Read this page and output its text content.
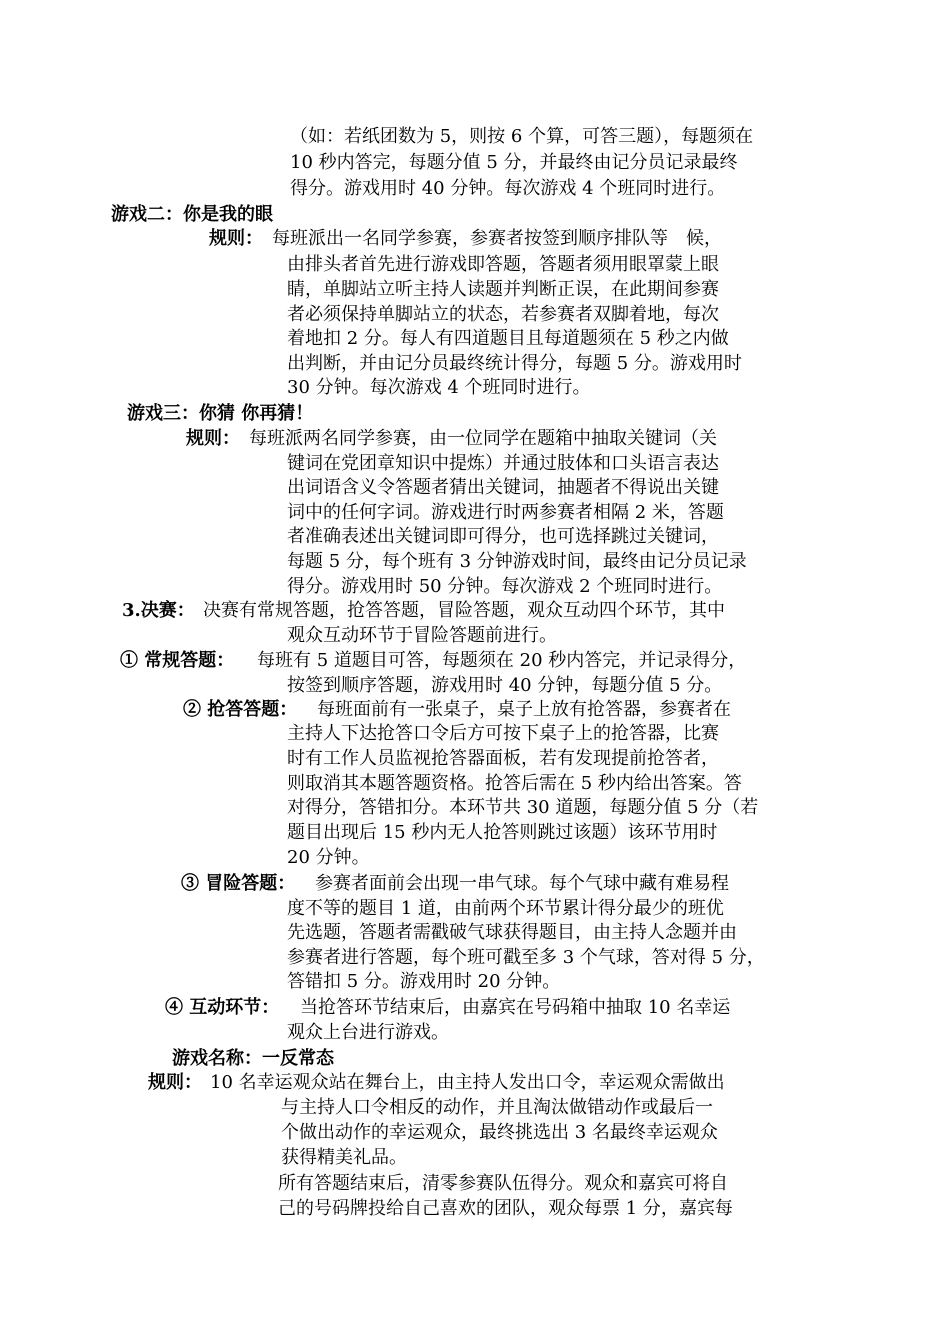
（如：若纸团数为 5，则按 6 个算，可答三题），每题须在
10 秒内答完，每题分值 5 分，并最终由记分员记录最终
得分。游戏用时 40 分钟。每次游戏 4 个班同时进行。
游戏二：你是我的眼
规则： 每班派出一名同学参赛，参赛者按签到顺序排队等　候，
由排头者首先进行游戏即答题，答题者须用眼罩蒙上眼
睛，单脚站立听主持人读题并判断正误，在此期间参赛
者必须保持单脚站立的状态，若参赛者双脚着地，每次
着地扣 2 分。每人有四道题目且每道题须在 5 秒之内做
出判断，并由记分员最终统计得分，每题 5 分。游戏用时
30 分钟。每次游戏 4 个班同时进行。
游戏三：你猜 你再猜！
规则： 每班派两名同学参赛，由一位同学在题箱中抽取关键词（关
键词在党团章知识中提炼）并通过肢体和口头语言表达
出词语含义令答题者猜出关键词，抽题者不得说出关键
词中的任何字词。游戏进行时两参赛者相隔 2 米，答题
者准确表述出关键词即可得分，也可选择跳过关键词，
每题 5 分，每个班有 3 分钟游戏时间，最终由记分员记录
得分。游戏用时 50 分钟。每次游戏 2 个班同时进行。
3.决赛： 决赛有常规答题，抢答答题，冒险答题，观众互动四个环节，其中
观众互动环节于冒险答题前进行。
① 常规答题： 每班有 5 道题目可答，每题须在 20 秒内答完，并记录得分，
按签到顺序答题，游戏用时 40 分钟，每题分值 5 分。
② 抢答答题： 每班面前有一张桌子，桌子上放有抢答器，参赛者在
主持人下达抢答口令后方可按下桌子上的抢答器，比赛
时有工作人员监视抢答器面板，若有发现提前抢答者，
则取消其本题答题资格。抢答后需在 5 秒内给出答案。答
对得分，答错扣分。本环节共 30 道题，每题分值 5 分（若
题目出现后 15 秒内无人抢答则跳过该题）该环节用时
20 分钟。
③ 冒险答题： 参赛者面前会出现一串气球。每个气球中藏有难易程
度不等的题目 1 道，由前两个环节累计得分最少的班优
先选题，答题者需戳破气球获得题目，由主持人念题并由
参赛者进行答题，每个班可戳至多 3 个气球，答对得 5 分，
答错扣 5 分。游戏用时 20 分钟。
④ 互动环节： 当抢答环节结束后，由嘉宾在号码箱中抽取 10 名幸运
观众上台进行游戏。
游戏名称：一反常态
规则： 10 名幸运观众站在舞台上，由主持人发出口令，幸运观众需做出
与主持人口令相反的动作，并且淘汰做错动作或最后一
个做出动作的幸运观众，最终挑选出 3 名最终幸运观众
获得精美礼品。
所有答题结束后，清零参赛队伍得分。观众和嘉宾可将自
己的号码牌投给自己喜欢的团队，观众每票 1 分，嘉宾每
